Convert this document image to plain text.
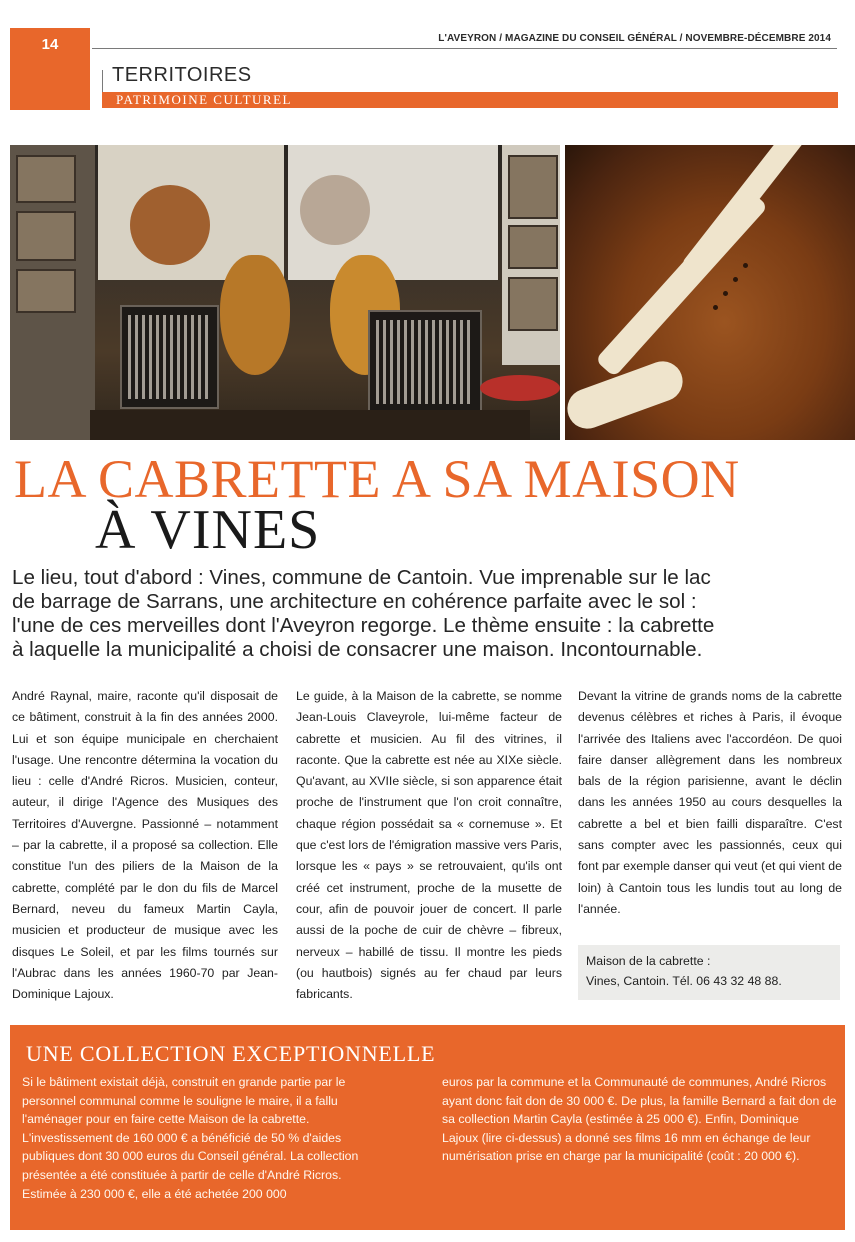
14	L'AVEYRON / MAGAZINE DU CONSEIL GÉNÉRAL / NOVEMBRE-DÉCEMBRE 2014
TERRITOIRES
PATRIMOINE CULTUREL
LA CABRETTE A SA MAISON
À VINES
Le lieu, tout d'abord : Vines, commune de Cantoin. Vue imprenable sur le lac
de barrage de Sarrans, une architecture en cohérence parfaite avec le sol :
l'une de ces merveilles dont l'Aveyron regorge. Le thème ensuite : la cabrette
à laquelle la municipalité a choisi de consacrer une maison. Incontournable.
André Raynal, maire, raconte qu'il disposait de ce bâtiment, construit à la fin des années 2000. Lui et son équipe municipale en cherchaient l'usage. Une rencontre détermina la vocation du lieu : celle d'André Ricros. Musicien, conteur, auteur, il dirige l'Agence des Musiques des Territoires d'Auvergne. Passionné – notamment – par la cabrette, il a proposé sa collection. Elle constitue l'un des piliers de la Maison de la cabrette, complété par le don du fils de Marcel Bernard, neveu du fameux Martin Cayla, musicien et producteur de musique avec les disques Le Soleil, et par les films tournés sur l'Aubrac dans les années 1960-70 par Jean-Dominique Lajoux.
Le guide, à la Maison de la cabrette, se nomme Jean-Louis Claveyrole, lui-même facteur de cabrette et musicien. Au fil des vitrines, il raconte. Que la cabrette est née au XIXe siècle. Qu'avant, au XVIIe siècle, si son apparence était proche de l'instrument que l'on croit connaître, chaque région possédait sa « cornemuse ». Et que c'est lors de l'émigration massive vers Paris, lorsque les « pays » se retrouvaient, qu'ils ont créé cet instrument, proche de la musette de cour, afin de pouvoir jouer de concert. Il parle aussi de la poche de cuir de chèvre – fibreux, nerveux – habillé de tissu. Il montre les pieds (ou hautbois) signés au fer chaud par leurs fabricants.
Devant la vitrine de grands noms de la cabrette devenus célèbres et riches à Paris, il évoque l'arrivée des Italiens avec l'accordéon. De quoi faire danser allègrement dans les nombreux bals de la région parisienne, avant le déclin dans les années 1950 au cours desquelles la cabrette a bel et bien failli disparaître. C'est sans compter avec les passionnés, ceux qui font par exemple danser qui veut (et qui vient de loin) à Cantoin tous les lundis tout au long de l'année.
Maison de la cabrette :
Vines, Cantoin. Tél. 06 43 32 48 88.
UNE COLLECTION EXCEPTIONNELLE
Si le bâtiment existait déjà, construit en grande partie par le personnel communal comme le souligne le maire, il a fallu l'aménager pour en faire cette Maison de la cabrette. L'investissement de 160 000 € a bénéficié de 50 % d'aides publiques dont 30 000 euros du Conseil général. La collection présentée a été constituée à partir de celle d'André Ricros. Estimée à 230 000 €, elle a été achetée 200 000
euros par la commune et la Communauté de communes, André Ricros ayant donc fait don de 30 000 €. De plus, la famille Bernard a fait don de sa collection Martin Cayla (estimée à 25 000 €). Enfin, Dominique Lajoux (lire ci-dessus) a donné ses films 16 mm en échange de leur numérisation prise en charge par la municipalité (coût : 20 000 €).
